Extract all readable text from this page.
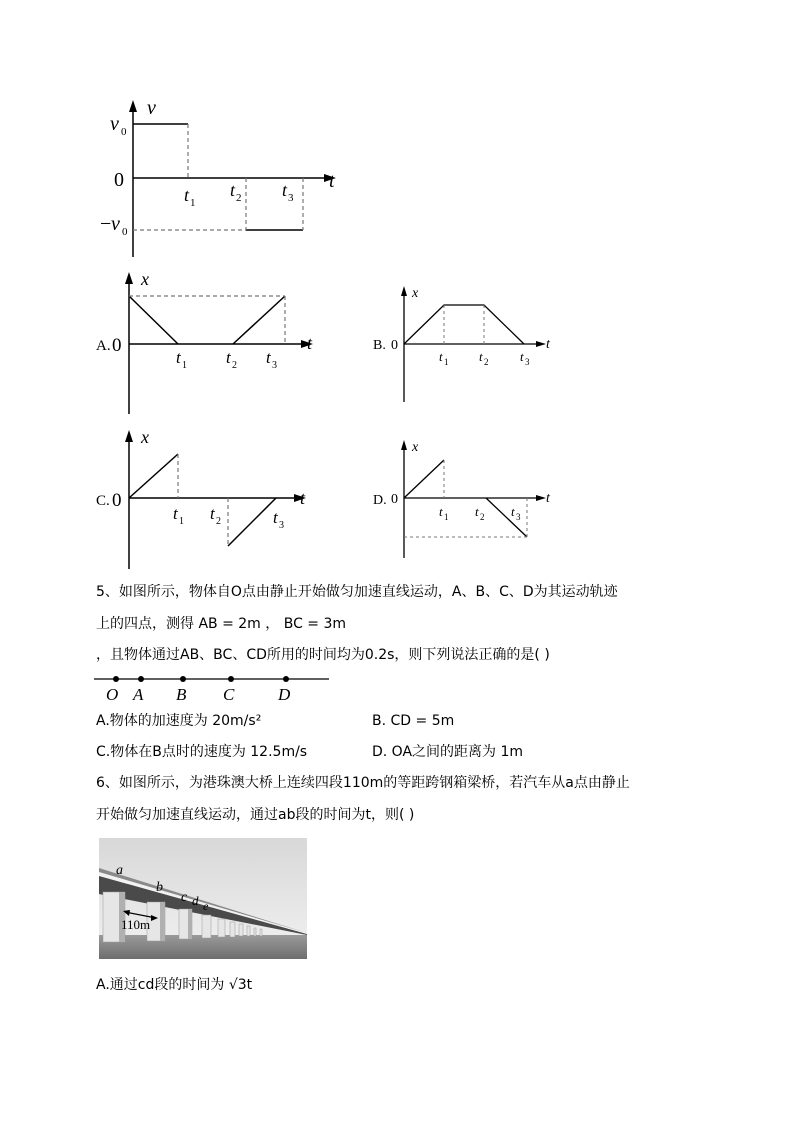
v 0
v
0	t
t 1
t 2 t 3
− v 0
A.
x
0	t
t 1 t 2 t 3
B.
x
0	t
t 1 t 2 t 3
C.
x
0	t
t 1 t 2	t 3
D.
x
0	t
t 1 t 2 t 3
5、如图所示，物体自O点由静止开始做匀加速直线运动，A、B、C、D为其运动轨迹
上的四点，测得 AB = 2m ， BC = 3m
，且物体通过AB、BC、CD所用的时间均为0.2s，则下列说法正确的是( )
O A B C	D
A.物体的加速度为 20m/s²	B. CD = 5m
C.物体在B点时的速度为 12.5m/s	D. OA之间的距离为 1m
6、如图所示，为港珠澳大桥上连续四段110m的等距跨钢箱梁桥，若汽车从a点由静止
开始做匀加速直线运动，通过ab段的时间为t，则( )
a
b
c d e
110m
A.通过cd段的时间为 √3t
